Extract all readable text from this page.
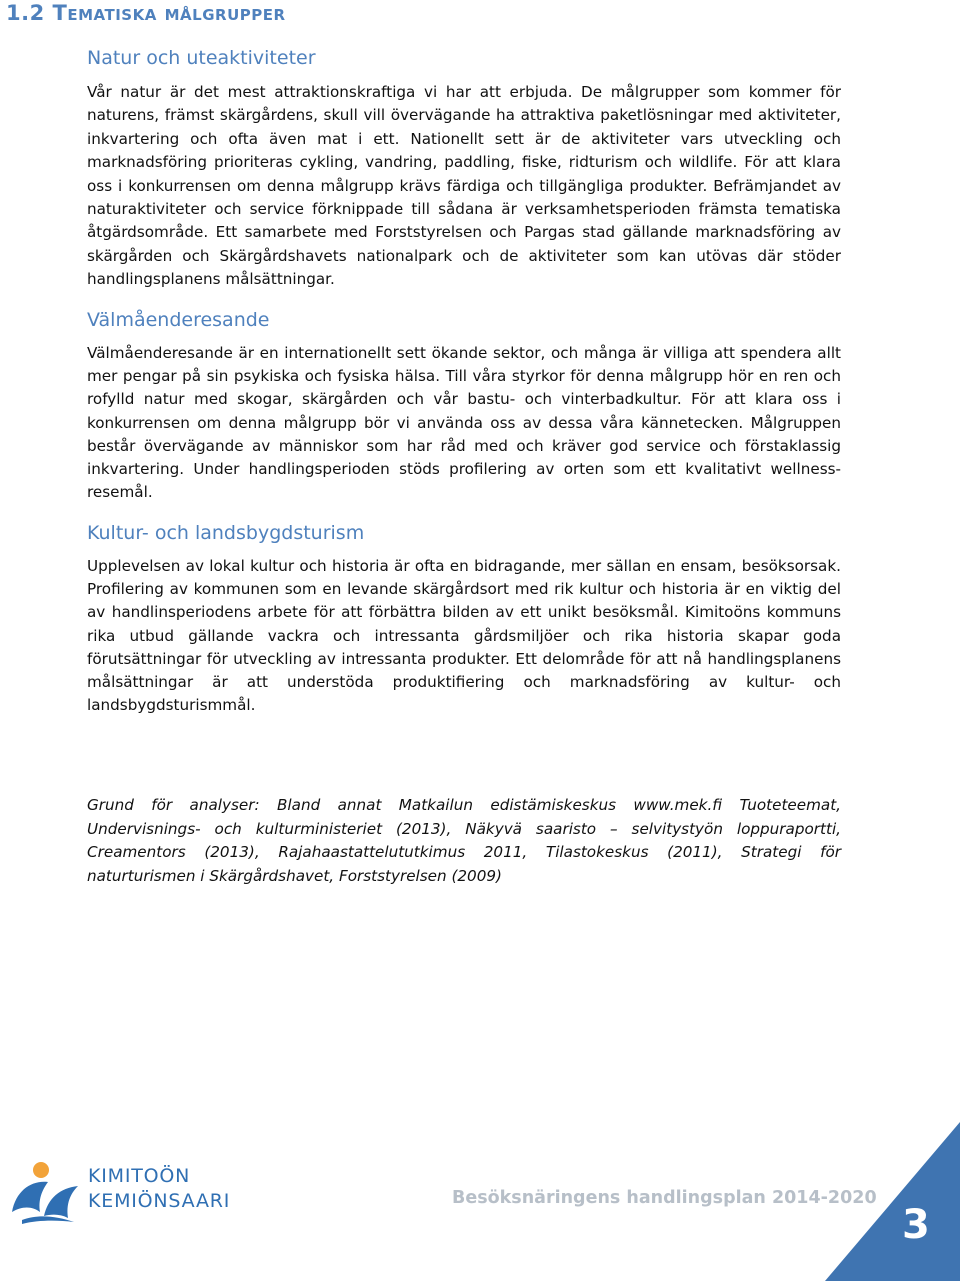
1.2 Tematiska målgrupper
Natur och uteaktiviteter

Vår natur är det mest attraktionskraftiga vi har att erbjuda. De målgrupper som kommer för naturens, främst skärgårdens, skull vill övervägande ha attraktiva paketlösningar med aktiviteter, inkvartering och ofta även mat i ett. Nationellt sett är de aktiviteter vars utveckling och marknadsföring prioriteras cykling, vandring, paddling, fiske, ridturism och wildlife. För att klara oss i konkurrensen om denna målgrupp krävs färdiga och tillgängliga produkter. Befrämjandet av naturaktiviteter och service förknippade till sådana är verksamhetsperioden främsta tematiska åtgärdsområde. Ett samarbete med Forststyrelsen och Pargas stad gällande marknadsföring av skärgården och Skärgårdshavets nationalpark och de aktiviteter som kan utövas där stöder handlingsplanens målsättningar.

Välmåenderesande

Välmåenderesande är en internationellt sett ökande sektor, och många är villiga att spendera allt mer pengar på sin psykiska och fysiska hälsa. Till våra styrkor för denna målgrupp hör en ren och rofylld natur med skogar, skärgården och vår bastu- och vinterbadkultur. För att klara oss i konkurrensen om denna målgrupp bör vi använda oss av dessa våra kännetecken. Målgruppen består övervägande av människor som har råd med och kräver god service och förstaklassig inkvartering. Under handlingsperioden stöds profilering av orten som ett kvalitativt wellness-resemål.

Kultur- och landsbygdsturism

Upplevelsen av lokal kultur och historia är ofta en bidragande, mer sällan en ensam, besöksorsak. Profilering av kommunen som en levande skärgårdsort med rik kultur och historia är en viktig del av handlinsperiodens arbete för att förbättra bilden av ett unikt besöksmål. Kimitoöns kommuns rika utbud gällande vackra och intressanta gårdsmiljöer och rika historia skapar goda förutsättningar för utveckling av intressanta produkter. Ett delområde för att nå handlingsplanens målsättningar är att understöda produktifiering och marknadsföring av kultur- och landsbygdsturismmål.

Grund för analyser: Bland annat Matkailun edistämiskeskus www.mek.fi Tuoteteemat, Undervisnings- och kulturministeriet (2013), Näkyvä saaristo – selvitystyön loppuraportti, Creamentors (2013), Rajahaastattelututkimus 2011, Tilastokeskus (2011), Strategi för naturturismen i Skärgårdshavet, Forststyrelsen (2009)

KIMITOÖN
KEMIÖNSAARI	Besöksnäringens handlingsplan 2014-2020
3
